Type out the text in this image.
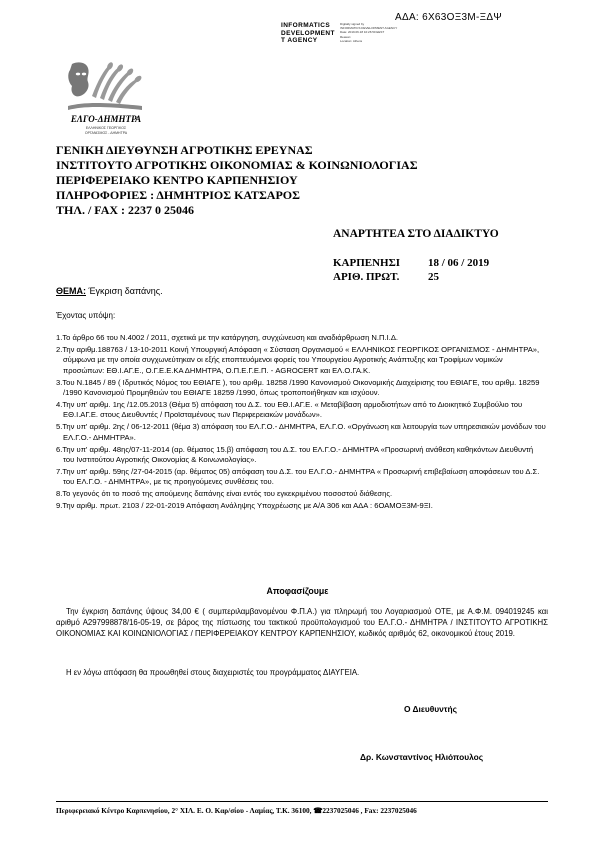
ΑΔΑ: 6Χ63ΟΞ3Μ-ΞΔΨ
INFORMATICS
DEVELOPMENT
T AGENCY
Digitally signed by
INFORMATICS DEVELOPMENT AGENCY
Date: 2019.06.18 10:26:50 EEST
Reason:
Location: Athens
ΕΛΓΟ-ΔΗΜΗΤΡΑ
ΕΛΛΗΝΙΚΟΣ ΓΕΩΡΓΙΚΟΣ
ΟΡΓΑΝΙΣΜΟΣ - ΔΗΜΗΤΡΑ
ΓΕΝΙΚΗ ΔΙΕΥΘΥΝΣΗ ΑΓΡΟΤΙΚΗΣ ΕΡΕΥΝΑΣ
ΙΝΣΤΙΤΟΥΤΟ ΑΓΡΟΤΙΚΗΣ ΟΙΚΟΝΟΜΙΑΣ & ΚΟΙΝΩΝΙΟΛΟΓΙΑΣ
ΠΕΡΙΦΕΡΕΙΑΚΟ ΚΕΝΤΡΟ ΚΑΡΠΕΝΗΣΙΟΥ
ΠΛΗΡΟΦΟΡΙΕΣ : ΔΗΜΗΤΡΙΟΣ ΚΑΤΣΑΡΟΣ
ΤΗΛ. / FAX : 2237 0 25046
ΑΝΑΡΤΗΤΕΑ ΣΤΟ ΔΙΑΔΙΚΤΥΟ
ΚΑΡΠΕΝΗΣΙ
ΑΡΙΘ. ΠΡΩΤ.
18 / 06 / 2019
25
ΘΕΜΑ: Έγκριση δαπάνης.
Έχοντας υπόψη:
1.Το άρθρο 66 του Ν.4002 / 2011, σχετικά με την κατάργηση, συγχώνευση και αναδιάρθρωση Ν.Π.Ι.Δ.
2.Την αριθμ.188763 / 13-10-2011 Κοινή Υπουργική Απόφαση « Σύσταση Οργανισμού « ΕΛΛΗΝΙΚΟΣ ΓΕΩΡΓΙΚΟΣ ΟΡΓΑΝΙΣΜΟΣ - ΔΗΜΗΤΡΑ», σύμφωνα με την οποία συγχωνεύτηκαν οι εξής εποπτευόμενοι φορείς του Υπουργείου Αγροτικής Ανάπτυξης και Τροφίμων νομικών προσώπων: ΕΘ.Ι.ΑΓ.Ε., Ο.Γ.Ε.Ε.ΚΑ ΔΗΜΗΤΡΑ, Ο.Π.Ε.Γ.Ε.Π. - AGROCERT και ΕΛ.Ο.ΓΑ.Κ.
3.Του Ν.1845 / 89 ( Ιδρυτικός Νόμος του ΕΘΙΑΓΕ ), του αριθμ. 18258 /1990 Κανονισμού Οικονομικής Διαχείρισης του ΕΘΙΑΓΕ, του αριθμ. 18259 /1990 Κανονισμού Προμηθειών του ΕΘΙΑΓΕ 18259 /1990, όπως τροποποιήθηκαν και ισχύουν.
4.Την υπ' αριθμ. 1ης /12.05.2013 (Θέμα 5) απόφαση του Δ.Σ. του ΕΘ.Ι.ΑΓ.Ε. « Μεταβίβαση αρμοδιοτήτων από το Διοικητικό Συμβούλιο του ΕΘ.Ι.ΑΓ.Ε. στους Διευθυντές / Προϊσταμένους των Περιφερειακών μονάδων».
5.Την υπ' αριθμ. 2ης / 06-12-2011 (θέμα 3) απόφαση του ΕΛ.Γ.Ο.- ΔΗΜΗΤΡΑ, ΕΛ.Γ.Ο. «Οργάνωση και λειτουργία των υπηρεσιακών μονάδων του ΕΛ.Γ.Ο.- ΔΗΜΗΤΡΑ».
6.Την υπ' αριθμ. 48ης/07-11-2014 (αρ. θέματος 15.β) απόφαση του Δ.Σ. του ΕΛ.Γ.Ο.- ΔΗΜΗΤΡΑ «Προσωρινή ανάθεση καθηκόντων Διευθυντή του Ινστιτούτου Αγροτικής Οικονομίας & Κοινωνιολογίας».
7.Την υπ' αριθμ. 59ης /27-04-2015 (αρ. θέματος 05) απόφαση του Δ.Σ. του ΕΛ.Γ.Ο.- ΔΗΜΗΤΡΑ « Προσωρινή επιβεβαίωση αποφάσεων του Δ.Σ. του ΕΛ.Γ.Ο. - ΔΗΜΗΤΡΑ», με τις προηγούμενες συνθέσεις του.
8.Το γεγονός ότι το ποσό της απούμενης δαπάνης είναι εντός του εγκεκριμένου ποσοστού διάθεσης.
9.Την αριθμ. πρωτ. 2103 / 22-01-2019 Απόφαση Ανάληψης Υποχρέωσης με Α/Α 306 και ΑΔΑ : 6ΟΑΜΟΞ3Μ-9ΞΙ.
Αποφασίζουμε
Την έγκριση δαπάνης ύψους 34,00 € ( συμπεριλαμβανομένου Φ.Π.Α.) για πληρωμή του Λογαριασμού ΟΤΕ, με Α.Φ.Μ. 094019245 και αριθμό Α297998878/16-05-19, σε βάρος της πίστωσης του τακτικού προϋπολογισμού του ΕΛ.Γ.Ο.- ΔΗΜΗΤΡΑ / ΙΝΣΤΙΤΟΥΤΟ ΑΓΡΟΤΙΚΗΣ ΟΙΚΟΝΟΜΙΑΣ ΚΑΙ ΚΟΙΝΩΝΙΟΛΟΓΙΑΣ / ΠΕΡΙΦΕΡΕΙΑΚΟΥ ΚΕΝΤΡΟΥ ΚΑΡΠΕΝΗΣΙΟΥ, κωδικός αριθμός 62, οικονομικού έτους 2019.
Η εν λόγω απόφαση θα προωθηθεί στους διαχειριστές του προγράμματος ΔΙΑΥΓΕΙΑ.
Ο Διευθυντής
Δρ. Κωνσταντίνος Ηλιόπουλος
Περιφερειακό Κέντρο Καρπενησίου, 2° ΧΙΛ. Ε. Ο. Καρ/σίου - Λαμίας, Τ.Κ. 36100, ☎2237025046 , Fax: 2237025046
